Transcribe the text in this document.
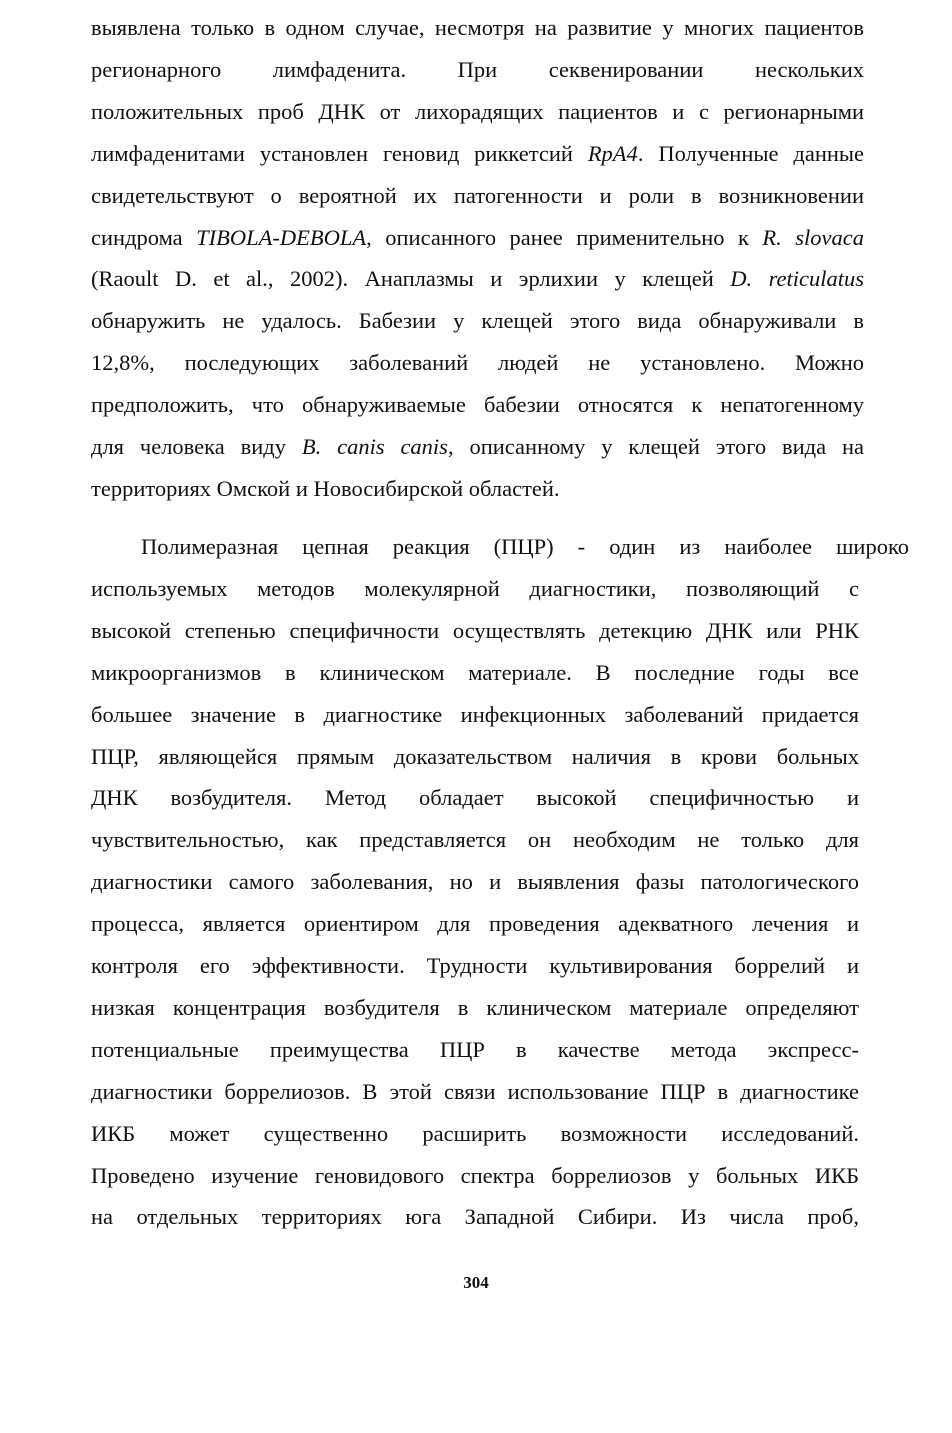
выявлена только в одном случае, несмотря на развитие у многих пациентов
регионарного лимфаденита. При секвенировании нескольких
положительных проб ДНК от лихорадящих пациентов и с регионарными
лимфаденитами установлен геновид риккетсий RpA4. Полученные данные
свидетельствуют о вероятной их патогенности и роли в возникновении
синдрома TIBOLA-DEBOLA, описанного ранее применительно к R. slovaca
(Raoult D. et al., 2002). Анаплазмы и эрлихии у клещей D. reticulatus
обнаружить не удалось. Бабезии у клещей этого вида обнаруживали в
12,8%, последующих заболеваний людей не установлено. Можно
предположить, что обнаруживаемые бабезии относятся к непатогенному
для человека виду B. canis canis, описанному у клещей этого вида на
территориях Омской и Новосибирской областей.
Полимеразная цепная реакция (ПЦР) - один из наиболее широко
используемых методов молекулярной диагностики, позволяющий с
высокой степенью специфичности осуществлять детекцию ДНК или РНК
микроорганизмов в клиническом материале. В последние годы все
большее значение в диагностике инфекционных заболеваний придается
ПЦР, являющейся прямым доказательством наличия в крови больных
ДНК возбудителя. Метод обладает высокой специфичностью и
чувствительностью, как представляется он необходим не только для
диагностики самого заболевания, но и выявления фазы патологического
процесса, является ориентиром для проведения адекватного лечения и
контроля его эффективности. Трудности культивирования боррелий и
низкая концентрация возбудителя в клиническом материале определяют
потенциальные преимущества ПЦР в качестве метода экспресс-
диагностики боррелиозов. В этой связи использование ПЦР в диагностике
ИКБ может существенно расширить возможности исследований.
Проведено изучение геновидового спектра боррелиозов у больных ИКБ
на отдельных территориях юга Западной Сибири. Из числа проб,
304
